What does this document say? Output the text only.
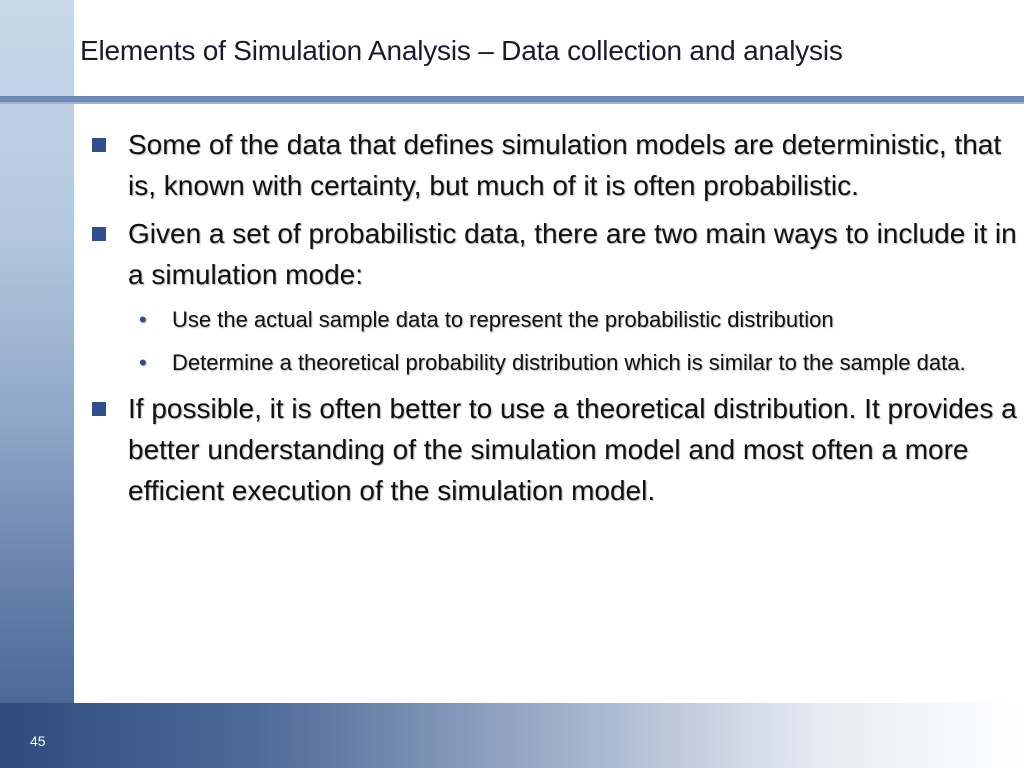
Elements of Simulation Analysis – Data collection and analysis
Some of the data that defines simulation models are deterministic, that is, known with certainty, but much of it is often probabilistic.
Given a set of probabilistic data, there are two main ways to include it in a simulation mode:
• Use the actual sample data to represent the probabilistic distribution
• Determine a theoretical probability distribution which is similar to the sample data.
If possible, it is often better to use a theoretical distribution. It provides a better understanding of the simulation model and most often a more efficient execution of the simulation model.
45
